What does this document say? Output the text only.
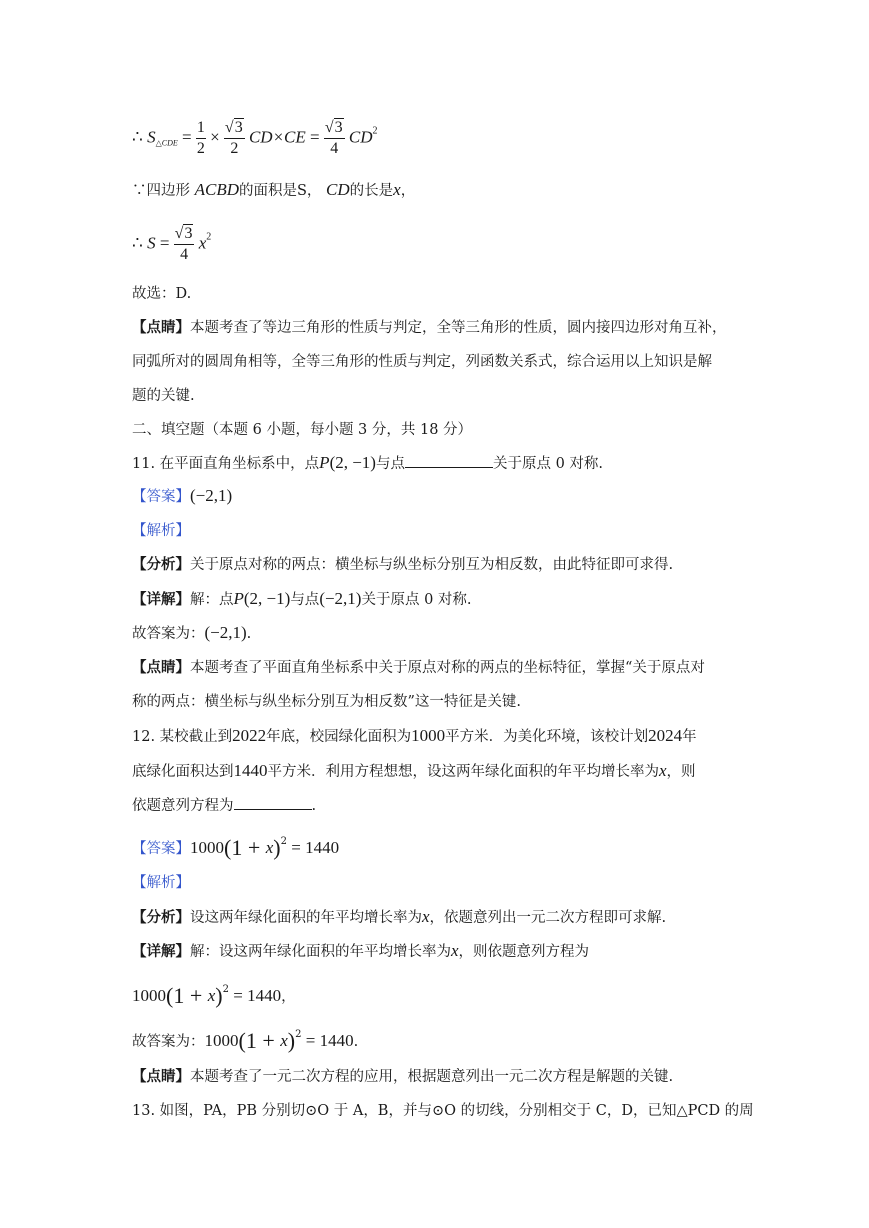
∴ $S_{\triangle CDE} = \frac{1}{2} \times \frac{√3}{2} CD\times CE = \frac{√3}{4} CD^2$
∵四边形 ACBD的面积是S， CD的长是x，
∴ $S = \frac{√3}{4} x^2$
故选：D.
【点睛】本题考查了等边三角形的性质与判定，全等三角形的性质，圆内接四边形对角互补，
同弧所对的圆周角相等，全等三角形的性质与判定，列函数关系式，综合运用以上知识是解
题的关键.
二、填空题（本题 6 小题，每小题 3 分，共 18 分）
11. 在平面直角坐标系中，点P(2, −1)与点	关于原点 0 对称.
【答案】(−2,1)
【解析】
【分析】关于原点对称的两点：横坐标与纵坐标分别互为相反数，由此特征即可求得.
【详解】解：点P(2, −1)与点(−2,1)关于原点 0 对称.
故答案为：(−2,1).
【点睛】本题考查了平面直角坐标系中关于原点对称的两点的坐标特征，掌握“关于原点对
称的两点：横坐标与纵坐标分别互为相反数”这一特征是关键.
12. 某校截止到2022年底，校园绿化面积为1000平方米．为美化环境，该校计划2024年
底绿化面积达到1440平方米．利用方程想想，设这两年绿化面积的年平均增长率为x，则
依题意列方程为	.
【答案】$1000(1 + x)^2 = 1440$
【解析】
【分析】设这两年绿化面积的年平均增长率为x，依题意列出一元二次方程即可求解.
【详解】解：设这两年绿化面积的年平均增长率为x，则依题意列方程为
$1000(1 + x)^2 = 1440$，
故答案为：$1000(1 + x)^2 = 1440$.
【点睛】本题考查了一元二次方程的应用，根据题意列出一元二次方程是解题的关键.
13. 如图，PA，PB 分别切⊙O 于 A，B，并与⊙O 的切线，分别相交于 C，D，已知△PCD 的周
